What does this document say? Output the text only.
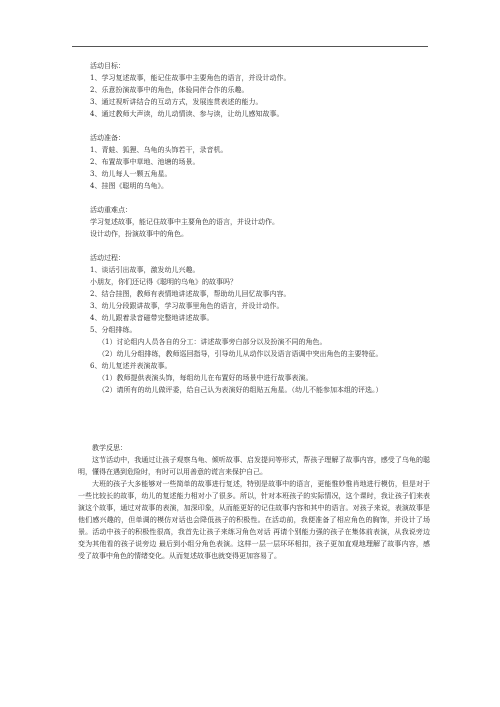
活动目标：
1、学习复述故事，能记住故事中主要角色的语言，并设计动作。
2、乐意扮演故事中的角色，体验同伴合作的乐趣。
3、通过视听讲结合的互动方式，发展连贯表述的能力。
4、通过教师大声读，幼儿动情读、参与读，让幼儿感知故事。
活动准备：
1、青蛙、狐狸、乌龟的头饰若干，录音机。
2、布置故事中草地、池塘的场景。
3、幼儿每人一颗五角星。
4、挂图《聪明的乌龟》。
活动重难点：
学习复述故事，能记住故事中主要角色的语言，并设计动作。
设计动作，扮演故事中的角色。
活动过程：
1、谈话引出故事，激发幼儿兴趣。
小朋友，你们还记得《聪明的乌龟》的故事吗？
2、结合挂图，教师有表情地讲述故事，帮助幼儿回忆故事内容。
3、幼儿分段跟讲故事，学习故事里角色的语言，并设计动作。
4、幼儿跟着录音磁带完整地讲述故事。
5、分组排练。
（1）讨论组内人员各自的分工：讲述故事旁白部分以及扮演不同的角色。
（2）幼儿分组排练，教师巡回指导，引导幼儿从动作以及语言语调中突出角色的主要特征。
6、幼儿复述并表演故事。
（1）教师提供表演头饰，每组幼儿在布置好的场景中进行故事表演。
（2）请所有的幼儿做评委，给自己认为表演好的组贴五角星。（幼儿不能参加本组的评选。）
教学反思：

这节活动中，我通过让孩子观察乌龟、倾听故事、启发提问等形式，帮孩子理解了故事内容，感受了乌龟的聪明，懂得在遇到危险时，有时可以用善意的谎言来保护自己。

大班的孩子大多能够对一些简单的故事进行复述，特别是故事中的语言，更能惟妙惟肖地进行模仿，但是对于一些比较长的故事，幼儿的复述能力相对小了很多。所以，针对本班孩子的实际情况，这个课时，我让孩子们来表演这个故事，通过对故事的表演，加深印象，从而能更好的记住故事内容和其中的语言。对孩子来说，表演故事是他们感兴趣的，但单调的模仿对话也会降低孩子的积极性。在活动前，我便准备了相应角色的胸饰，并设计了场景。活动中孩子的积极性很高，我首先让孩子来练习角色对话 再请个别能力强的孩子在集体前表演，从我说旁边变为其他看的孩子说旁边 最后到小组分角色表演。这样一层一层环环相扣，孩子更加直观地理解了故事内容，感受了故事中角色的情绪变化。从而复述故事也就变得更加容易了。
